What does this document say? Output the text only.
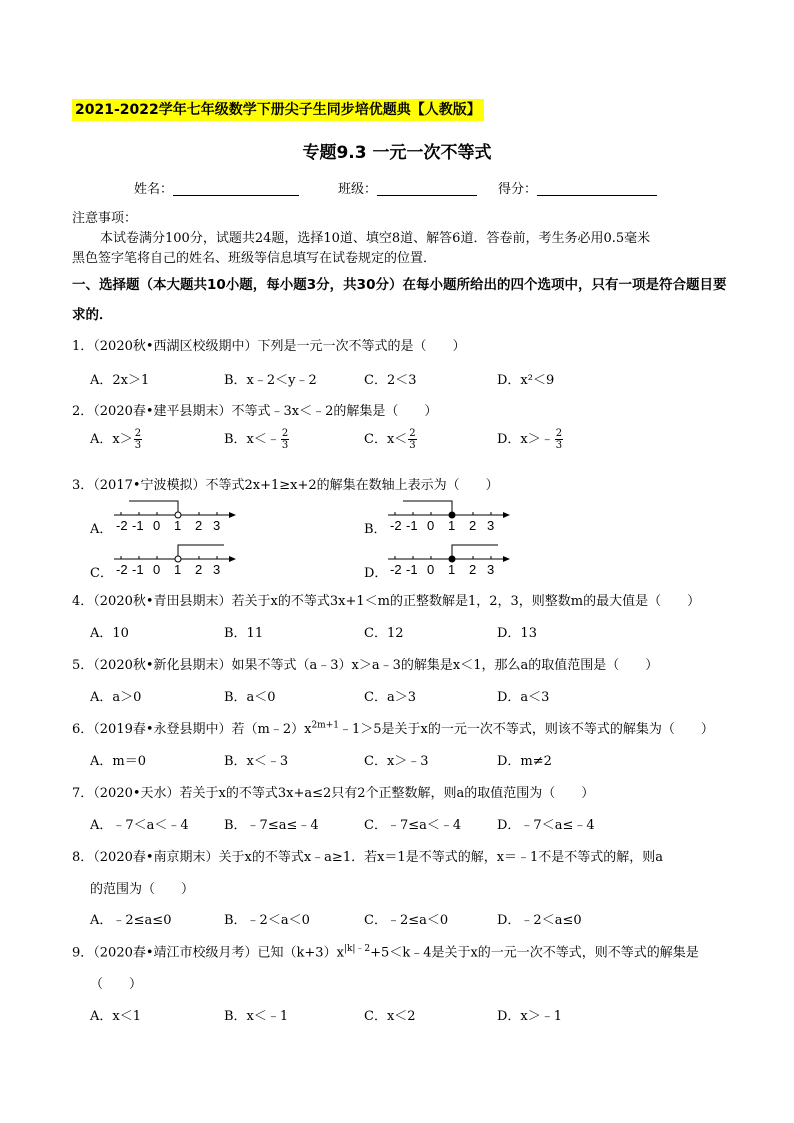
2021-2022学年七年级数学下册尖子生同步培优题典【人教版】
专题9.3 一元一次不等式
姓名：	班级：	得分：
注意事项：
本试卷满分100分，试题共24题，选择10道、填空8道、解答6道．答卷前，考生务必用0.5毫米
黑色签字笔将自己的姓名、班级等信息填写在试卷规定的位置．
一、选择题（本大题共10小题，每小题3分，共30分）在每小题所给出的四个选项中，只有一项是符合题目要求的．
1．（2020秋•西湖区校级期中）下列是一元一次不等式的是（　　）
A．2x＞1	B．x﹣2＜y﹣2	C．2＜3	D．x²＜9
2．（2020春•建平县期末）不等式﹣3x＜﹣2的解集是（　　）
A．$x> \frac{2}{3}$	B．x＜﹣ $\frac{2}{3}$	C．$x< \frac{2}{3}$	D．x＞﹣ $\frac{2}{3}$
3．（2017•宁波模拟）不等式2x+1≥x+2的解集在数轴上表示为（　　）
A． -2 -1 0 1 2 3	B． -2 -1 0 1 2 3
C． -2 -1 0 1 2 3	D． -2 -1 0 1 2 3
4．（2020秋•青田县期末）若关于x的不等式3x+1＜m的正整数解是1，2，3，则整数m的最大值是（　　）
A．10	B．11	C．12	D．13
5．（2020秋•新化县期末）如果不等式（a﹣3）x＞a﹣3的解集是x＜1，那么a的取值范围是（　　）
A．a＞0	B．a＜0	C．a＞3	D．a＜3
6．（2019春•永登县期中）若$(m﹣2)x^{2m+1}﹣1>5$是关于x的一元一次不等式，则该不等式的解集为（　　）
A．m＝0	B．x＜﹣3	C．x＞﹣3	D．m≠2
7．（2020•天水）若关于x的不等式3x+a≤2只有2个正整数解，则a的取值范围为（　　）
A．﹣7＜a＜﹣4	B．﹣7≤a≤﹣4	C．﹣7≤a＜﹣4	D．﹣7＜a≤﹣4
8．（2020春•南京期末）关于x的不等式x﹣a≥1．若x＝1是不等式的解，x＝﹣1不是不等式的解，则a
的范围为（　　）
A．﹣2≤a≤0	B．﹣2＜a＜0	C．﹣2≤a＜0	D．﹣2＜a≤0
9．（2020春•靖江市校级月考）已知$(k+3)x^{|k|﹣2}+5<k﹣4$是关于x的一元一次不等式，则不等式的解集是
（　　）
A．x＜1	B．x＜﹣1	C．x＜2	D．x＞﹣1
